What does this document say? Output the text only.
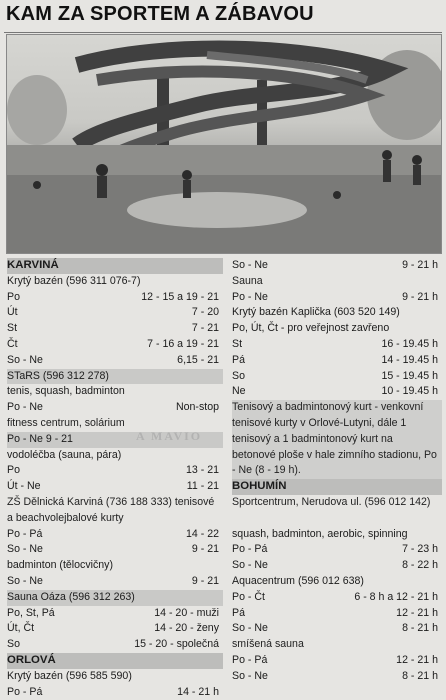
KAM ZA SPORTEM A ZÁBAVOU
KARVINÁ
Krytý bazén (596 311 076-7)
Po	12 - 15 a 19 - 21
Út	7 - 20
St	7 - 21
Čt	7 - 16 a 19 - 21
So - Ne	6,15 - 21
STaRS (596 312 278)
tenis, squash, badminton
Po - Ne	Non-stop
fitness centrum, solárium
Po - Ne 9 - 21
vodoléčba (sauna, pára)
Po	13 - 21
Út - Ne	11 - 21
ZŠ Dělnická Karviná (736 188 333) tenisové a beachvolejbalové kurty
Po - Pá	14 - 22
So - Ne	9 - 21
badminton (tělocvičny)
So - Ne	9 - 21
Sauna Oáza (596 312 263)
Po, St, Pá	14 - 20 - muži
Út, Čt	14 - 20 - ženy
So	15 - 20 - společná
ORLOVÁ
Krytý bazén (596 585 590)
Po - Pá	14 - 21 h
So - Ne	9 - 21 h
Sauna
Po - Ne	9 - 21 h
Krytý bazén Kaplička (603 520 149)
Po, Út, Čt - pro veřejnost zavřeno
St	16 - 19.45 h
Pá	14 - 19.45 h
So	15 - 19.45 h
Ne	10 - 19.45 h
Tenisový a badmintonový kurt - venkovní tenisové kurty v Orlové-Lutyni, dále 1 tenisový a 1 badmintonový kurt na betonové ploše v hale zimního stadionu, Po - Ne (8 - 19 h).
BOHUMÍN
Sportcentrum, Nerudova ul. (596 012 142)
squash, badminton, aerobic, spinning
Po - Pá	7 - 23 h
So - Ne	8 - 22 h
Aquacentrum (596 012 638)
Po - Čt	6 - 8 h a 12 - 21 h
Pá	12 - 21 h
So - Ne	8 - 21 h
smíšená sauna
Po - Pá	12 - 21 h
So - Ne	8 - 21 h
A MAVIO
